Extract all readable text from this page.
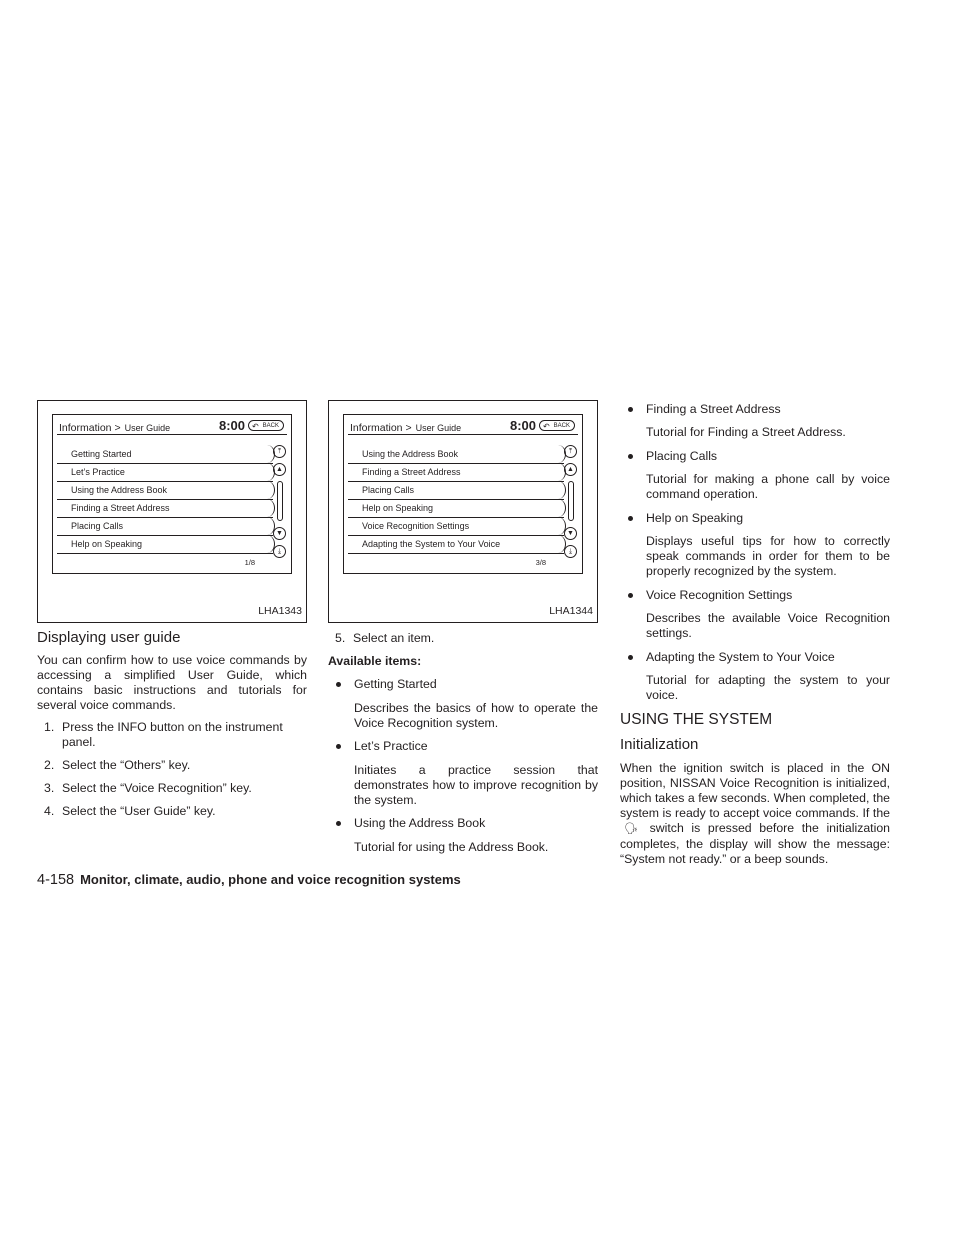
Information > User Guide	8:00 ↶ BACK
Getting Started
Let’s Practice
Using the Address Book
Finding a Street Address
Placing Calls
Help on Speaking
⤒
▲
▼
⤓
1/8
LHA1343
Displaying user guide

You can confirm how to use voice commands by accessing a simplified User Guide, which contains basic instructions and tutorials for several voice commands.

1. Press the INFO button on the instrument panel.
2. Select the “Others” key.
3. Select the “Voice Recognition” key.
4. Select the “User Guide” key.
Information > User Guide	8:00 ↶ BACK
Using the Address Book
Finding a Street Address
Placing Calls
Help on Speaking
Voice Recognition Settings
Adapting the System to Your Voice
⤒
▲
▼
⤓
3/8
LHA1344
5. Select an item.

Available items:

Getting Started

Describes the basics of how to operate the Voice Recognition system.

Let’s Practice

Initiates a practice session that demonstrates how to improve recognition by the system.

Using the Address Book

Tutorial for using the Address Book.

Finding a Street Address

Tutorial for Finding a Street Address.

Placing Calls

Tutorial for making a phone call by voice command operation.

Help on Speaking

Displays useful tips for how to correctly speak commands in order for them to be properly recognized by the system.

Voice Recognition Settings

Describes the available Voice Recognition settings.

Adapting the System to Your Voice

Tutorial for adapting the system to your voice.

USING THE SYSTEM
Initialization

When the ignition switch is placed in the ON position, NISSAN Voice Recognition is initialized, which takes a few seconds. When completed, the system is ready to accept voice commands. If the 🗣 switch is pressed before the initialization completes, the display will show the message: “System not ready.” or a beep sounds.

4-158 Monitor, climate, audio, phone and voice recognition systems
